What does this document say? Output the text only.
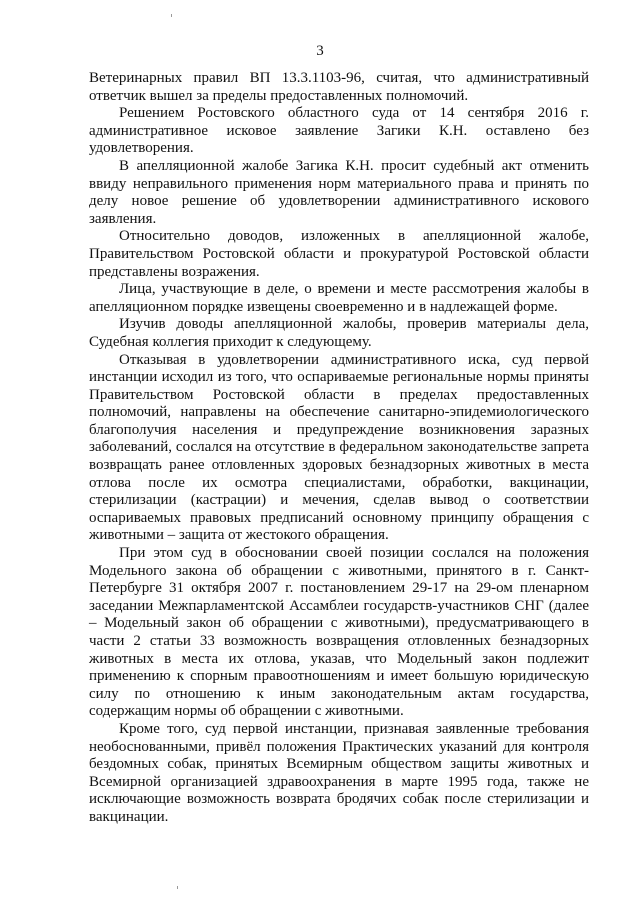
3

Ветеринарных правил ВП 13.3.1103-96, считая, что административный ответчик вышел за пределы предоставленных полномочий.

Решением Ростовского областного суда от 14 сентября 2016 г. административное исковое заявление Загики К.Н. оставлено без удовлетворения.

В апелляционной жалобе Загика К.Н. просит судебный акт отменить ввиду неправильного применения норм материального права и принять по делу новое решение об удовлетворении административного искового заявления.

Относительно доводов, изложенных в апелляционной жалобе, Правительством Ростовской области и прокуратурой Ростовской области представлены возражения.

Лица, участвующие в деле, о времени и месте рассмотрения жалобы в апелляционном порядке извещены своевременно и в надлежащей форме.

Изучив доводы апелляционной жалобы, проверив материалы дела, Судебная коллегия приходит к следующему.

Отказывая в удовлетворении административного иска, суд первой инстанции исходил из того, что оспариваемые региональные нормы приняты Правительством Ростовской области в пределах предоставленных полномочий, направлены на обеспечение санитарно-эпидемиологического благополучия населения и предупреждение возникновения заразных заболеваний, сослался на отсутствие в федеральном законодательстве запрета возвращать ранее отловленных здоровых безнадзорных животных в места отлова после их осмотра специалистами, обработки, вакцинации, стерилизации (кастрации) и мечения, сделав вывод о соответствии оспариваемых правовых предписаний основному принципу обращения с животными – защита от жестокого обращения.

При этом суд в обосновании своей позиции сослался на положения Модельного закона об обращении с животными, принятого в г. Санкт-Петербурге 31 октября 2007 г. постановлением 29-17 на 29-ом пленарном заседании Межпарламентской Ассамблеи государств-участников СНГ (далее – Модельный закон об обращении с животными), предусматривающего в части 2 статьи 33 возможность возвращения отловленных безнадзорных животных в места их отлова, указав, что Модельный закон подлежит применению к спорным правоотношениям и имеет большую юридическую силу по отношению к иным законодательным актам государства, содержащим нормы об обращении с животными.

Кроме того, суд первой инстанции, признавая заявленные требования необоснованными, привёл положения Практических указаний для контроля бездомных собак, принятых Всемирным обществом защиты животных и Всемирной организацией здравоохранения в марте 1995 года, также не исключающие возможность возврата бродячих собак после стерилизации и вакцинации.
